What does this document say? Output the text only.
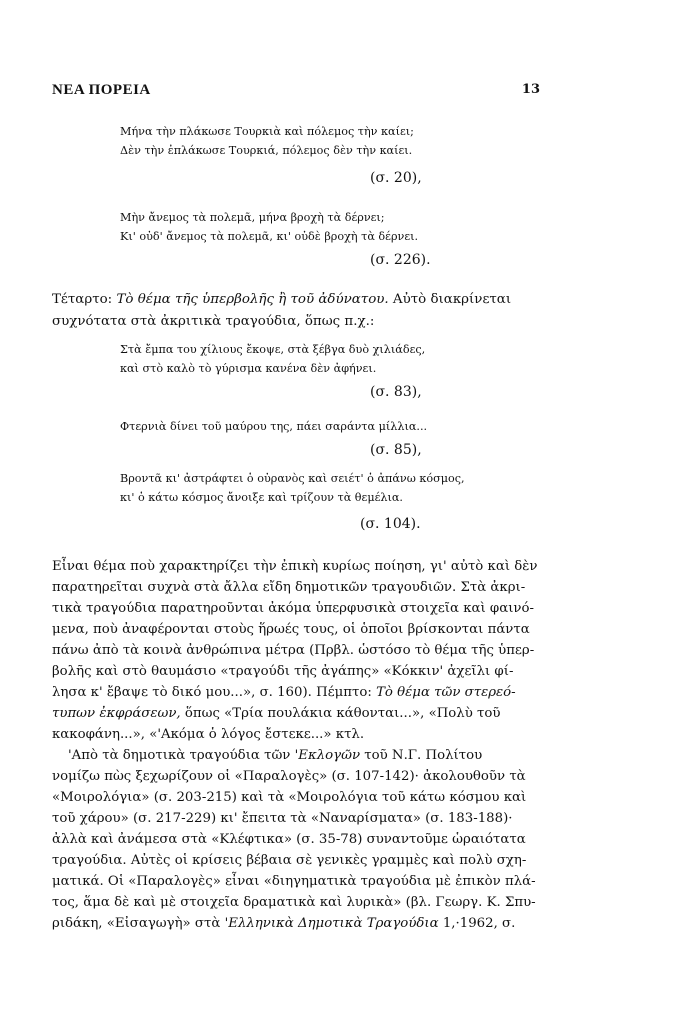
ΝΕΑ ΠΟΡΕΙΑ	13
Μήνα τὴν πλάκωσε Τουρκιὰ καὶ πόλεμος τὴν καίει;
Δὲν τὴν ἐπλάκωσε Τουρκιά, πόλεμος δὲν τὴν καίει.
(σ. 20),
Μὴν ἄνεμος τὰ πολεμᾶ, μήνα βροχὴ τὰ δέρνει;
Κι' οὐδ' ἄνεμος τὰ πολεμᾶ, κι' οὐδὲ βροχὴ τὰ δέρνει.
(σ. 226).
Τέταρτο: Τὸ θέμα τῆς ὑπερβολῆς ἢ τοῦ ἀδύνατου. Αὐτὸ διακρίνεται
συχνότατα στὰ ἀκριτικὰ τραγούδια, ὅπως π.χ.:
Στὰ ἔμπα του χίλιους ἔκοψε, στὰ ξέβγα δυὸ χιλιάδες,
καὶ στὸ καλὸ τὸ γύρισμα κανένα δὲν ἀφήνει.
(σ. 83),
Φτερνιὰ δίνει τοῦ μαύρου της, πάει σαράντα μίλλια...
(σ. 85),
Βροντᾶ κι' ἀστράφτει ὁ οὐρανὸς καὶ σειέτ' ὁ ἀπάνω κόσμος,
κι' ὁ κάτω κόσμος ἄνοιξε καὶ τρίζουν τὰ θεμέλια.
(σ. 104).
Εἶναι θέμα ποὺ χαρακτηρίζει τὴν ἐπικὴ κυρίως ποίηση, γι' αὐτὸ καὶ δὲν
παρατηρεῖται συχνὰ στὰ ἄλλα εἴδη δημοτικῶν τραγουδιῶν. Στὰ ἀκρι-
τικὰ τραγούδια παρατηροῦνται ἀκόμα ὑπερφυσικὰ στοιχεῖα καὶ φαινό-
μενα, ποὺ ἀναφέρονται στοὺς ἥρωές τους, οἱ ὁποῖοι βρίσκονται πάντα
πάνω ἀπὸ τὰ κοινὰ ἀνθρώπινα μέτρα (Πρβλ. ὡστόσο τὸ θέμα τῆς ὑπερ-
βολῆς καὶ στὸ θαυμάσιο «τραγούδι τῆς ἀγάπης» «Κόκκιν' ἀχεῖλι φί-
λησα κ' ἔβαψε τὸ δικό μου...», σ. 160). Πέμπτο: Τὸ θέμα τῶν στερεό-
τυπων ἐκφράσεων, ὅπως «Τρία πουλάκια κάθονται...», «Πολὺ τοῦ
κακοφάνη...», «'Ακόμα ὁ λόγος ἔστεκε...» κτλ.
'Απὸ τὰ δημοτικὰ τραγούδια τῶν 'Εκλογῶν τοῦ Ν.Γ. Πολίτου
νομίζω πὼς ξεχωρίζουν οἱ «Παραλογὲς» (σ. 107-142)· ἀκολουθοῦν τὰ
«Μοιρολόγια» (σ. 203-215) καὶ τὰ «Μοιρολόγια τοῦ κάτω κόσμου καὶ
τοῦ χάρου» (σ. 217-229) κι' ἔπειτα τὰ «Ναναρίσματα» (σ. 183-188)·
ἀλλὰ καὶ ἀνάμεσα στὰ «Κλέφτικα» (σ. 35-78) συναντοῦμε ὡραιότατα
τραγούδια. Αὐτὲς οἱ κρίσεις βέβαια σὲ γενικὲς γραμμὲς καὶ πολὺ σχη-
ματικά. Οἱ «Παραλογὲς» εἶναι «διηγηματικὰ τραγούδια μὲ ἐπικὸν πλά-
τος, ἅμα δὲ καὶ μὲ στοιχεῖα δραματικὰ καὶ λυρικὰ» (βλ. Γεωργ. Κ. Σπυ-
ριδάκη, «Εἰσαγωγὴ» στὰ 'Ελληνικὰ Δημοτικὰ Τραγούδια 1,·1962, σ.
